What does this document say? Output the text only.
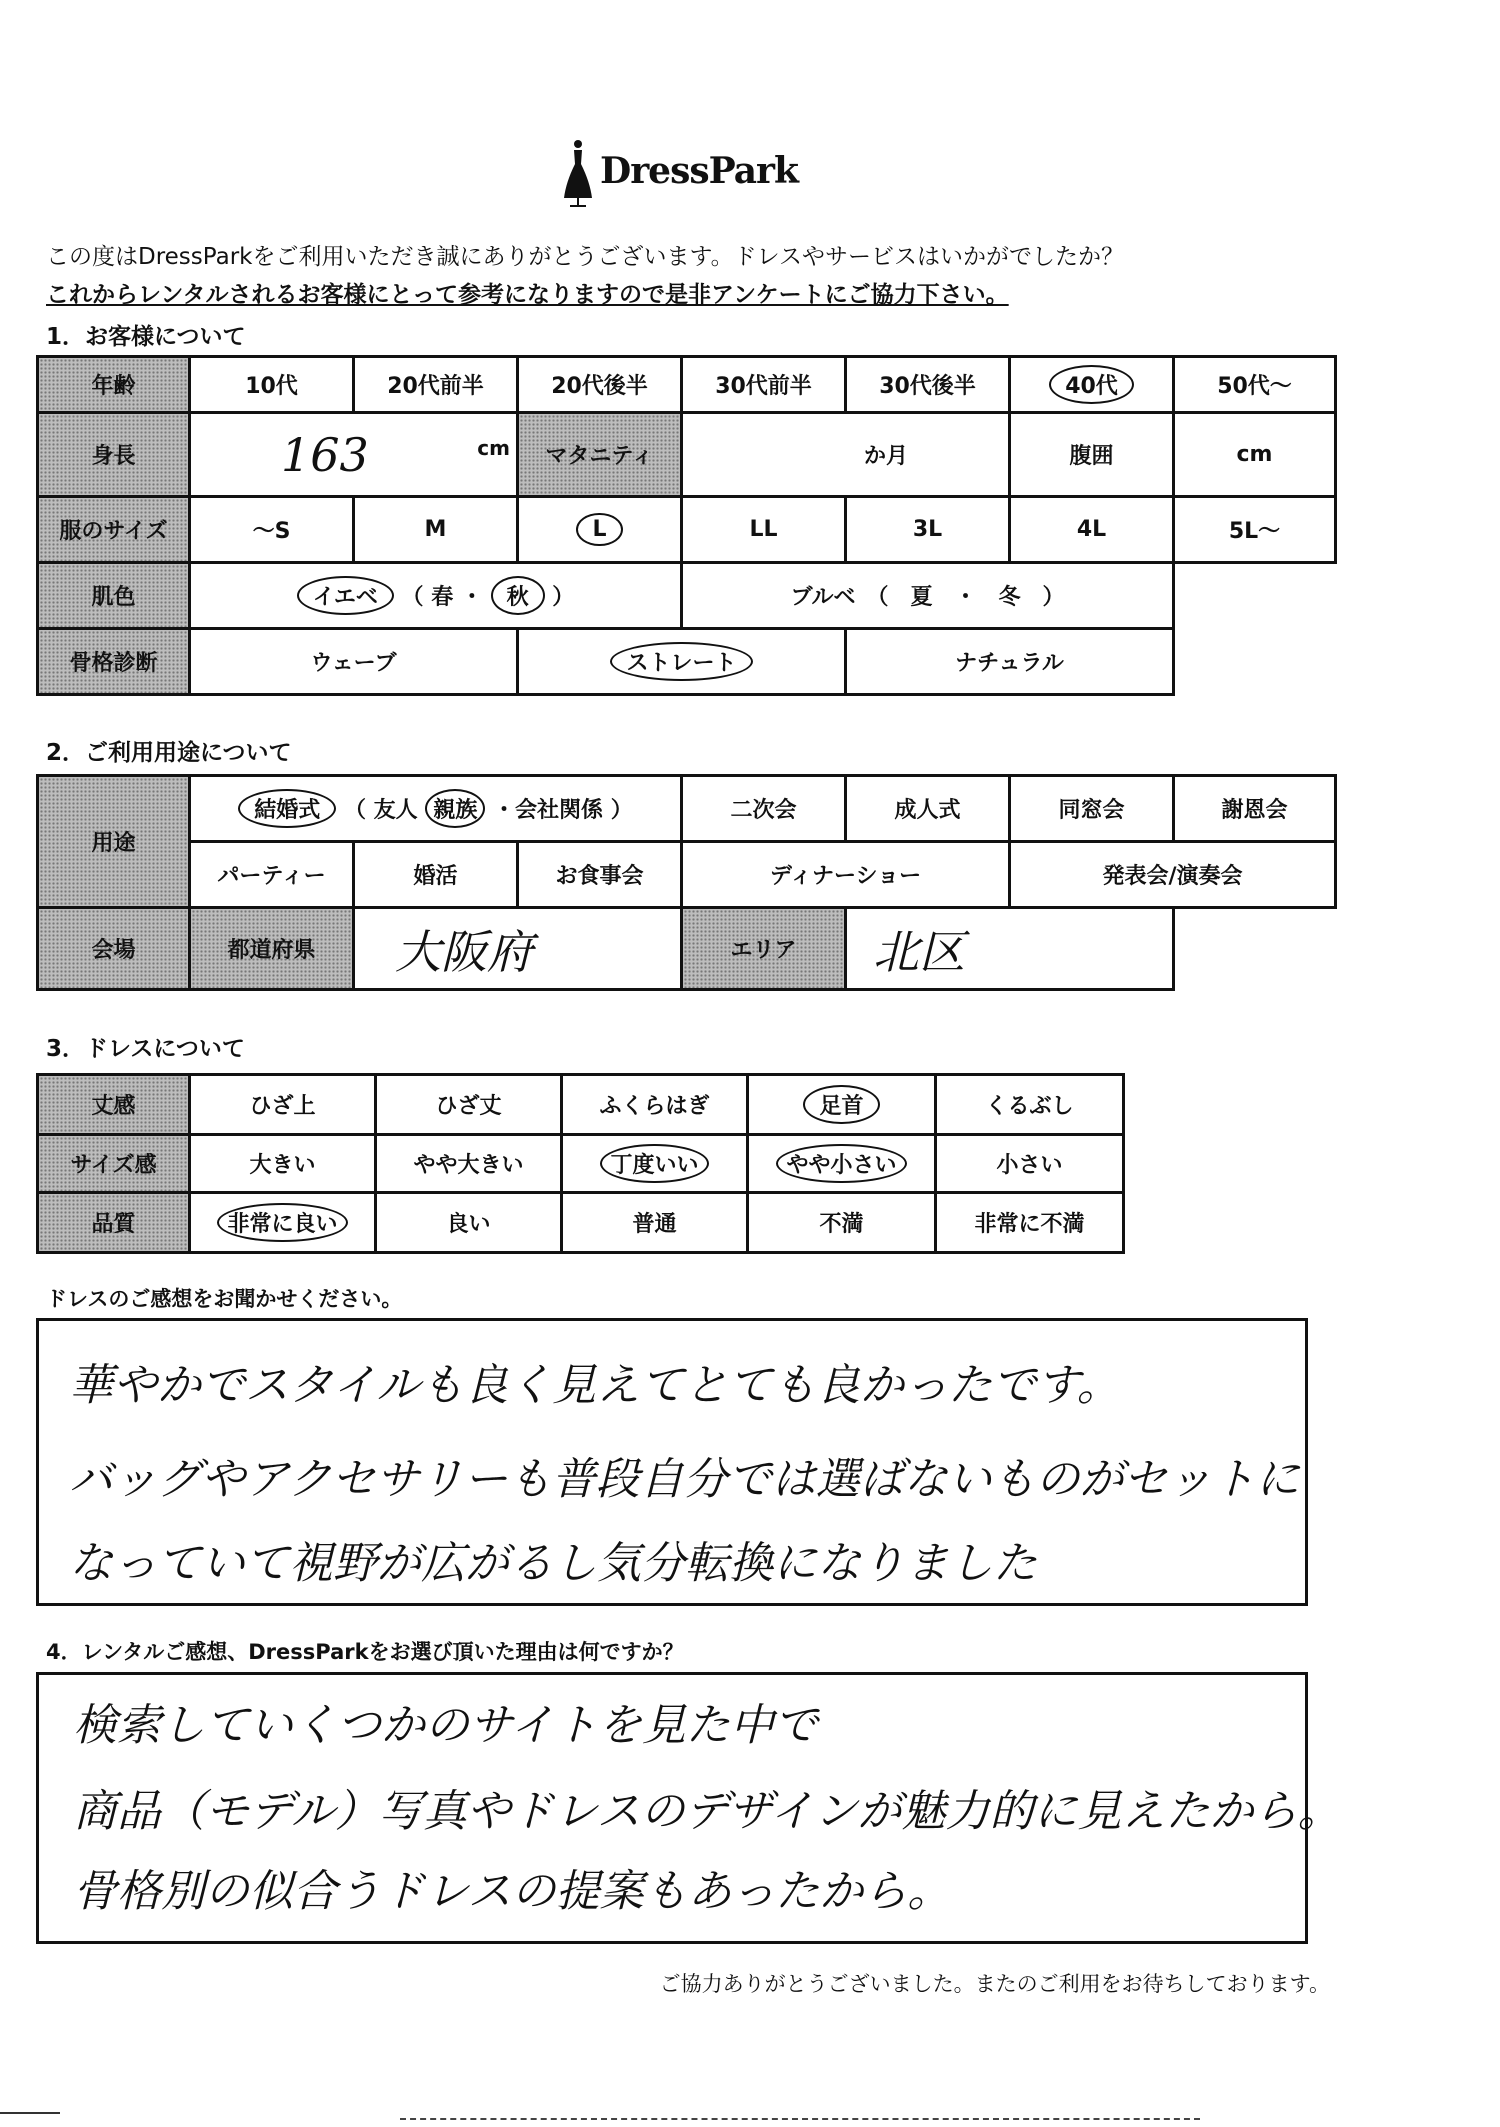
DressPark
この度はDressParkをご利用いただき誠にありがとうございます。ドレスやサービスはいかがでしたか？
これからレンタルされるお客様にとって参考になりますので是非アンケートにご協力下さい。
1．お客様について
年齢	10代	20代前半	20代後半	30代前半	30代後半	40代	50代～
身長	163 cm		マタニティ	か月		腹囲	cm
服のサイズ	～S	M	L	LL	3L	4L	5L～
肌色	イエベ （ 春 ・ 秋 ）			ブルベ　（　夏　・　冬　）			
骨格診断	ウェーブ		ストレート		ナチュラル		
2．ご利用用途について
用途	結婚式 （ 友人 親族 ・会社関係 ）			二次会	成人式	同窓会	謝恩会
	パーティー	婚活	お食事会	ディナーショー		発表会/演奏会	
会場	都道府県	大阪府		エリア	北区		
3．ドレスについて
丈感	ひざ上	ひざ丈	ふくらはぎ	足首	くるぶし
サイズ感	大きい	やや大きい	丁度いい	やや小さい	小さい
品質	非常に良い	良い	普通	不満	非常に不満
ドレスのご感想をお聞かせください。
華やかでスタイルも良く見えてとても良かったです。
バッグやアクセサリーも普段自分では選ばないものがセットに
なっていて視野が広がるし気分転換になりました
4．レンタルご感想、DressParkをお選び頂いた理由は何ですか？
検索していくつかのサイトを見た中で
商品（モデル）写真やドレスのデザインが魅力的に見えたから。
骨格別の似合うドレスの提案もあったから。
ご協力ありがとうございました。またのご利用をお待ちしております。
